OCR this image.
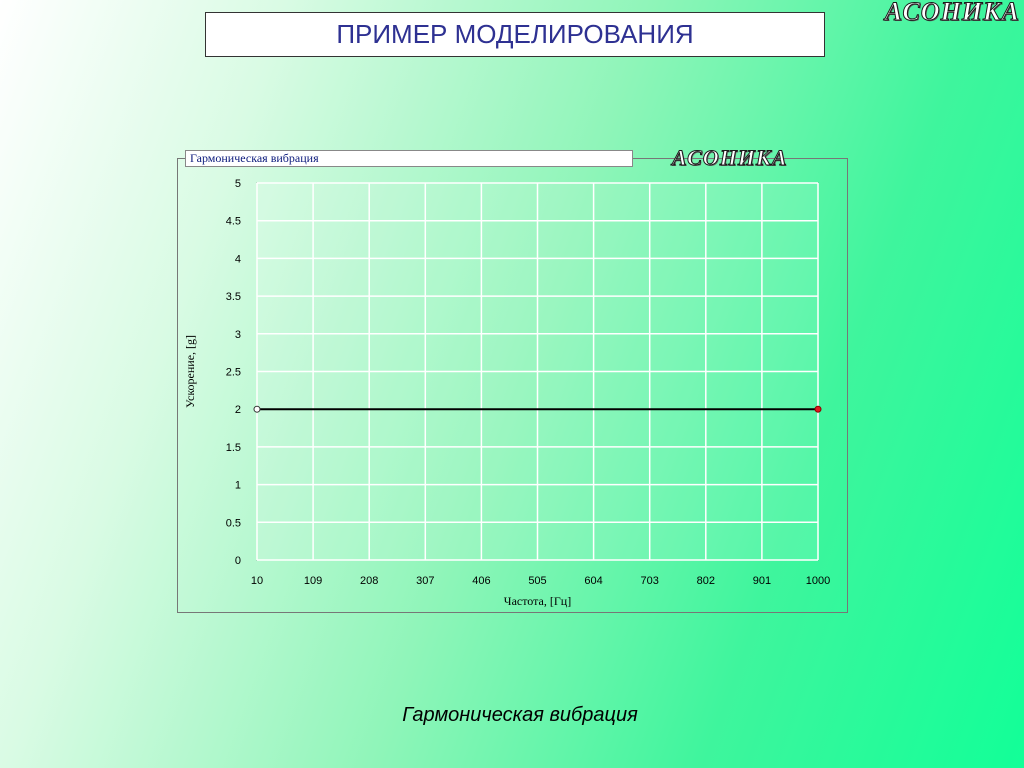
ПРИМЕР МОДЕЛИРОВАНИЯ
АСОНИКА
Гармоническая вибрация	АСОНИКА
10	109	208	307	406	505	604	703	802	901	1000
0
0.5
1
1.5
2
2.5
3
3.5
4
4.5
5
Частота, [Гц]
Ускорение, [g]
Гармоническая вибрация
